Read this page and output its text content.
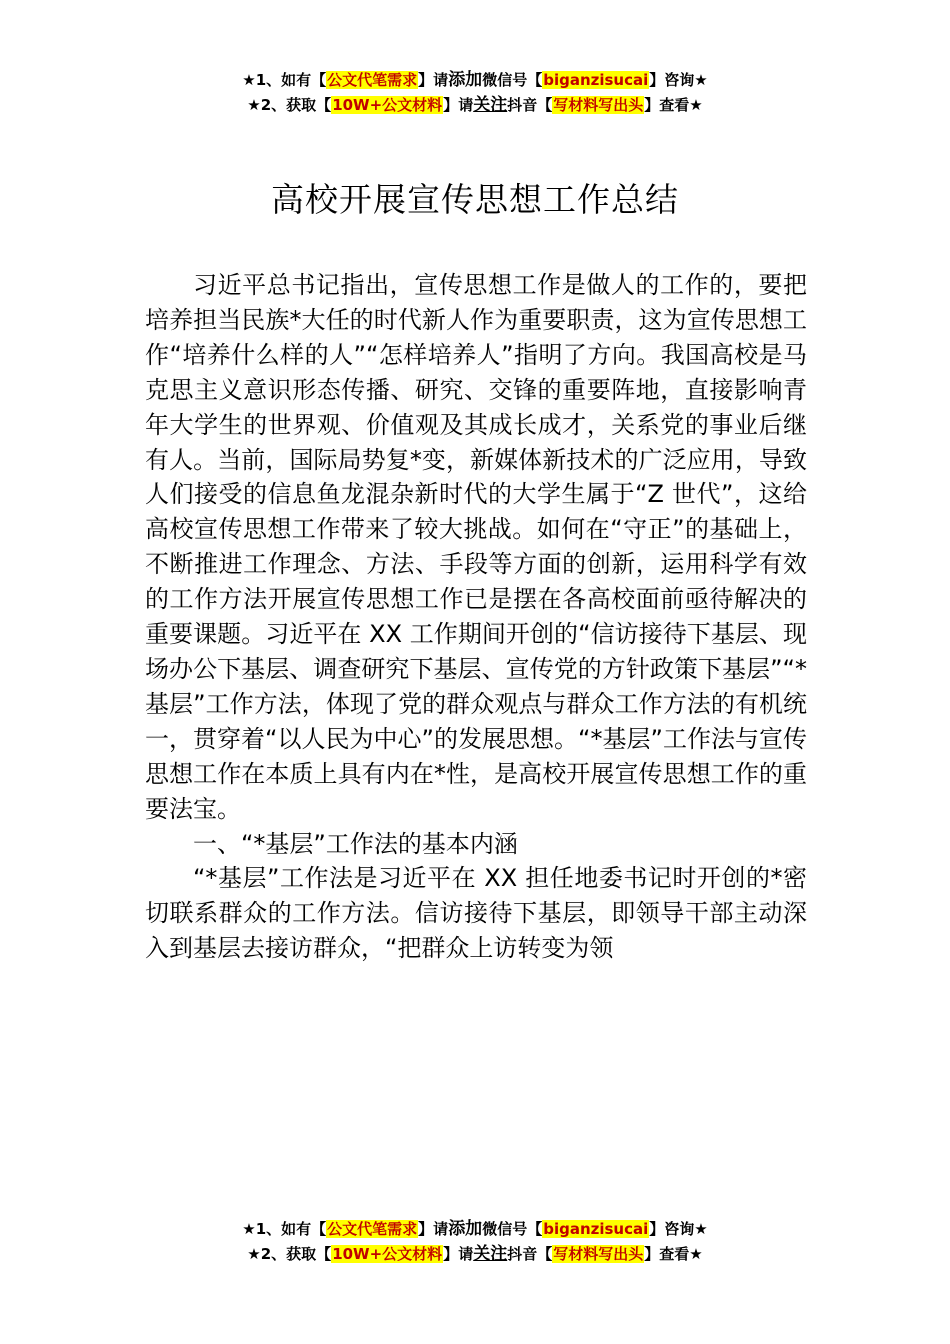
★1、如有【公文代笔需求】请添加微信号【biganzisucai】咨询★
★2、获取【10W+公文材料】请关注抖音【写材料写出头】查看★
高校开展宣传思想工作总结

习近平总书记指出，宣传思想工作是做人的工作的，要把培养担当民族*大任的时代新人作为重要职责，这为宣传思想工作“培养什么样的人”“怎样培养人”指明了方向。我国高校是马克思主义意识形态传播、研究、交锋的重要阵地，直接影响青年大学生的世界观、价值观及其成长成才，关系党的事业后继有人。当前，国际局势复*变，新媒体新技术的广泛应用，导致人们接受的信息鱼龙混杂新时代的大学生属于“Z 世代”，这给高校宣传思想工作带来了较大挑战。如何在“守正”的基础上，不断推进工作理念、方法、手段等方面的创新，运用科学有效的工作方法开展宣传思想工作已是摆在各高校面前亟待解决的重要课题。习近平在 XX 工作期间开创的“信访接待下基层、现场办公下基层、调查研究下基层、宣传党的方针政策下基层”“*基层”工作方法，体现了党的群众观点与群众工作方法的有机统一，贯穿着“以人民为中心”的发展思想。“*基层”工作法与宣传思想工作在本质上具有内在*性，是高校开展宣传思想工作的重要法宝。

一、“*基层”工作法的基本内涵

“*基层”工作法是习近平在 XX 担任地委书记时开创的*密切联系群众的工作方法。信访接待下基层，即领导干部主动深入到基层去接访群众，“把群众上访转变为领

★1、如有【公文代笔需求】请添加微信号【biganzisucai】咨询★
★2、获取【10W+公文材料】请关注抖音【写材料写出头】查看★
